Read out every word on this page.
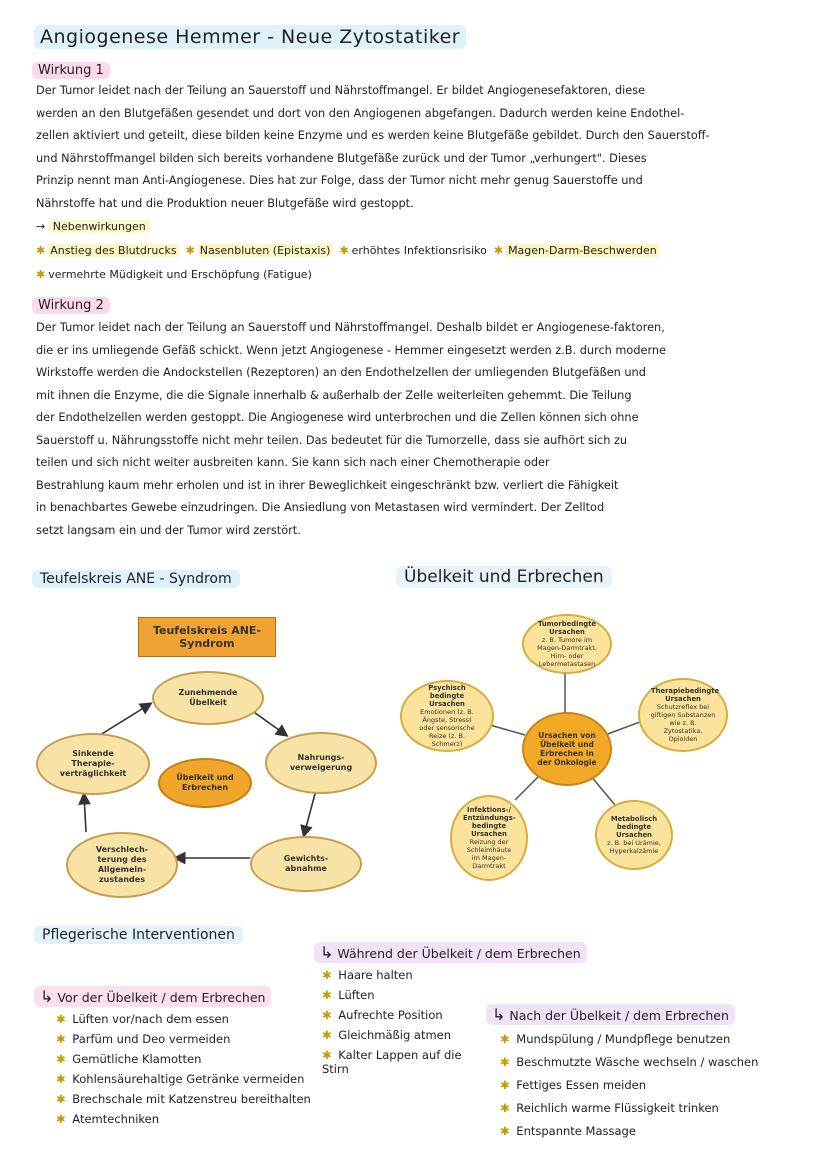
Angiogenese Hemmer - Neue Zytostatiker
Wirkung 1
Der Tumor leidet nach der Teilung an Sauerstoff und Nährstoffmangel. Er bildet Angiogenesefaktoren, diese
werden an den Blutgefäßen gesendet und dort von den Angiogenen abgefangen. Dadurch werden keine Endothel-
zellen aktiviert und geteilt, diese bilden keine Enzyme und es werden keine Blutgefäße gebildet. Durch den Sauerstoff-
und Nährstoffmangel bilden sich bereits vorhandene Blutgefäße zurück und der Tumor „verhungert". Dieses
Prinzip nennt man Anti-Angiogenese. Dies hat zur Folge, dass der Tumor nicht mehr genug Sauerstoffe und
Nährstoffe hat und die Produktion neuer Blutgefäße wird gestoppt.
→ Nebenwirkungen
✱ Anstieg des Blutdrucks ✱ Nasenbluten (Epistaxis) ✱ erhöhtes Infektionsrisiko ✱ Magen-Darm-Beschwerden
✱ vermehrte Müdigkeit und Erschöpfung (Fatigue)
Wirkung 2
Der Tumor leidet nach der Teilung an Sauerstoff und Nährstoffmangel. Deshalb bildet er Angiogenese-faktoren,
die er ins umliegende Gefäß schickt. Wenn jetzt Angiogenese - Hemmer eingesetzt werden z.B. durch moderne
Wirkstoffe werden die Andockstellen (Rezeptoren) an den Endothelzellen der umliegenden Blutgefäßen und
mit ihnen die Enzyme, die die Signale innerhalb & außerhalb der Zelle weiterleiten gehemmt. Die Teilung
der Endothelzellen werden gestoppt. Die Angiogenese wird unterbrochen und die Zellen können sich ohne
Sauerstoff u. Nährungsstoffe nicht mehr teilen. Das bedeutet für die Tumorzelle, dass sie aufhört sich zu
teilen und sich nicht weiter ausbreiten kann. Sie kann sich nach einer Chemotherapie oder
Bestrahlung kaum mehr erholen und ist in ihrer Beweglichkeit eingeschränkt bzw. verliert die Fähigkeit
in benachbartes Gewebe einzudringen. Die Ansiedlung von Metastasen wird vermindert. Der Zelltod
setzt langsam ein und der Tumor wird zerstört.
Teufelskreis ANE - Syndrom
Teufelskreis ANE-Syndrom
Zunehmende Übelkeit
Nahrungs-verweigerung
Gewichts-abnahme
Verschlech-terung des Allgemein-zustandes
Sinkende Therapie-verträglichkeit	Übelkeit und Erbrechen
Übelkeit und Erbrechen
Tumorbedingte Ursachen
z. B. Tumore im Magen-Darmtrakt, Hirn- oder Lebermetastasen
Psychisch bedingte Ursachen
Emotionen (z. B. Ängste, Stress) oder sensorische Reize (z. B. Schmerz)
Ursachen von Übelkeit und Erbrechen in der Onkologie
Therapiebedingte Ursachen
Schutzreflex bei giftigen Substanzen wie z. B. Zytostatika, Opioiden
Infektions-/ Entzündungs-bedingte Ursachen
Reizung der Schleimhäute im Magen-Darmtrakt
Metabolisch bedingte Ursachen
z. B. bei Urämie, Hyperkalzämie
Pflegerische Interventionen
↳ Vor der Übelkeit / dem Erbrechen
✱ Lüften vor/nach dem essen
✱ Parfüm und Deo vermeiden
✱ Gemütliche Klamotten
✱ Kohlensäurehaltige Getränke vermeiden
✱ Brechschale mit Katzenstreu bereithalten
✱ Atemtechniken
↳ Während der Übelkeit / dem Erbrechen
✱ Haare halten
✱ Lüften
✱ Aufrechte Position
✱ Gleichmäßig atmen
✱ Kalter Lappen auf die Stirn
↳ Nach der Übelkeit / dem Erbrechen
✱ Mundspülung / Mundpflege benutzen
✱ Beschmutzte Wäsche wechseln / waschen
✱ Fettiges Essen meiden
✱ Reichlich warme Flüssigkeit trinken
✱ Entspannte Massage
